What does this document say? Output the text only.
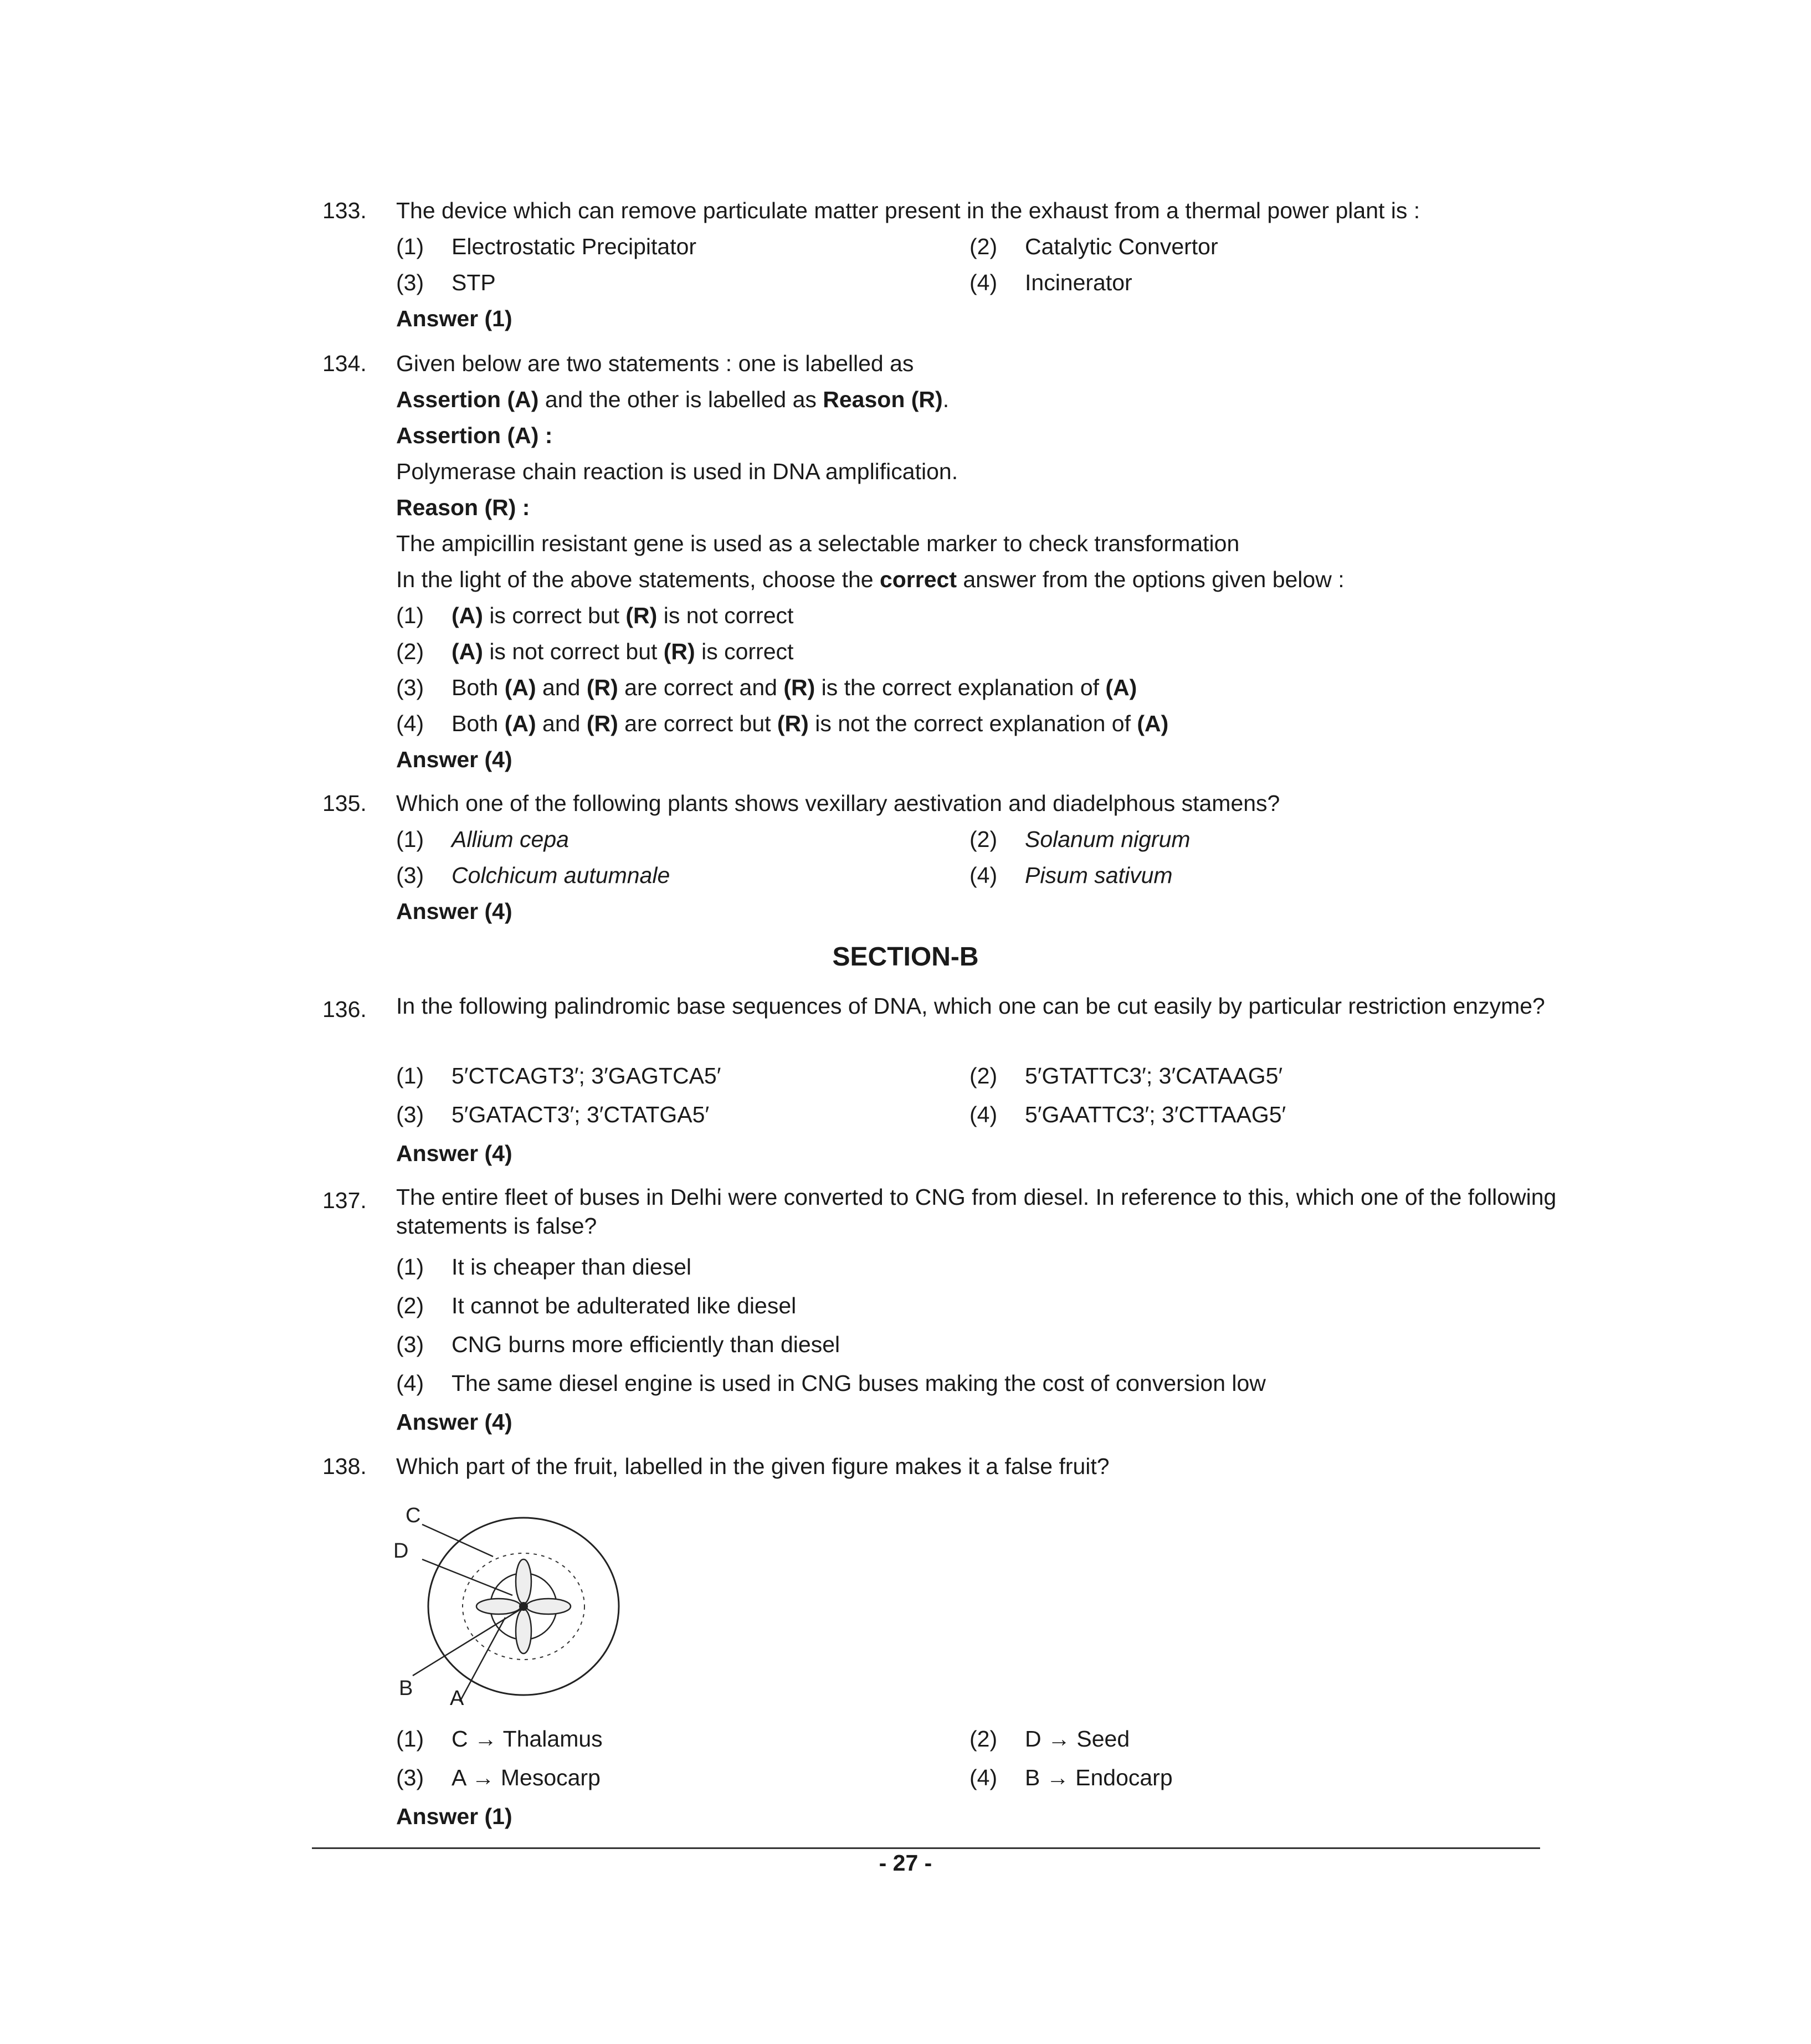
133. The device which can remove particulate matter present in the exhaust from a thermal power plant is :
(1) Electrostatic Precipitator	(2) Catalytic Convertor
(3) STP	(4) Incinerator
Answer (1)
134. Given below are two statements : one is labelled as
Assertion (A) and the other is labelled as Reason (R).
Assertion (A) :
Polymerase chain reaction is used in DNA amplification.
Reason (R) :
The ampicillin resistant gene is used as a selectable marker to check transformation
In the light of the above statements, choose the correct answer from the options given below :
(1) (A) is correct but (R) is not correct
(2) (A) is not correct but (R) is correct
(3) Both (A) and (R) are correct and (R) is the correct explanation of (A)
(4) Both (A) and (R) are correct but (R) is not the correct explanation of (A)
Answer (4)
135. Which one of the following plants shows vexillary aestivation and diadelphous stamens?
(1) Allium cepa	(2) Solanum nigrum
(3) Colchicum autumnale	(4) Pisum sativum
Answer (4)
SECTION-B
136. In the following palindromic base sequences of DNA, which one can be cut easily by particular restriction enzyme?
(1) 5′CTCAGT3′; 3′GAGTCA5′	(2) 5′GTATTC3′; 3′CATAAG5′
(3) 5′GATACT3′; 3′CTATGA5′	(4) 5′GAATTC3′; 3′CTTAAG5′
Answer (4)
137. The entire fleet of buses in Delhi were converted to CNG from diesel. In reference to this, which one of the following statements is false?
(1) It is cheaper than diesel
(2) It cannot be adulterated like diesel
(3) CNG burns more efficiently than diesel
(4) The same diesel engine is used in CNG buses making the cost of conversion low
Answer (4)
138. Which part of the fruit, labelled in the given figure makes it a false fruit?
C
D
B A
(1) C → Thalamus	(2) D → Seed
(3) A → Mesocarp	(4) B → Endocarp
Answer (1)
- 27 -
